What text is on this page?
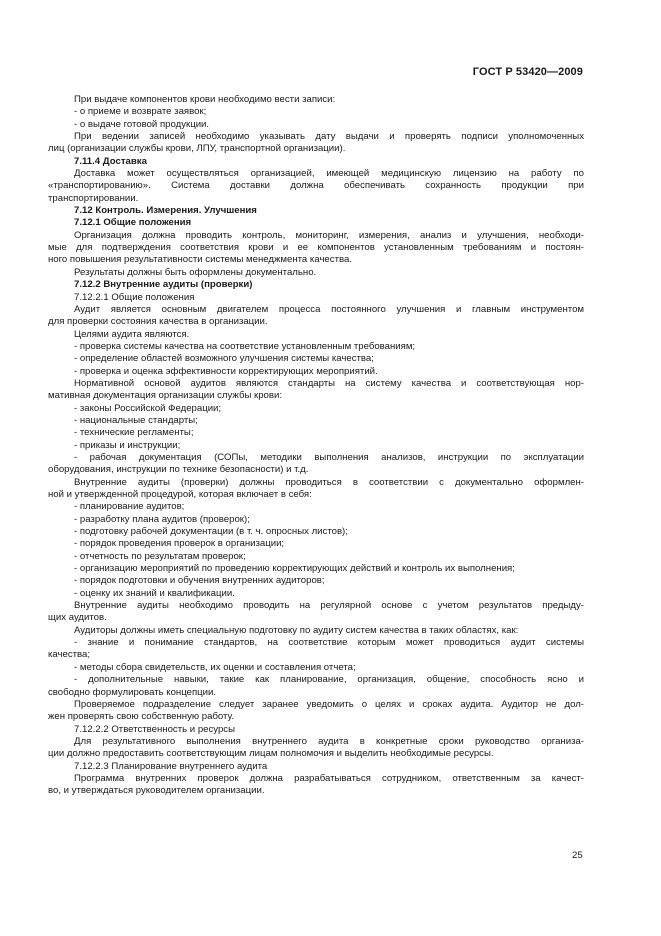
ГОСТ Р 53420—2009
При выдаче компонентов крови необходимо вести записи:
- о приеме и возврате заявок;
- о выдаче готовой продукции.
При ведении записей необходимо указывать дату выдачи и проверять подписи уполномоченных
лиц (организации службы крови, ЛПУ, транспортной организации).
7.11.4 Доставка
Доставка может осуществляться организацией, имеющей медицинскую лицензию на работу по
«транспортированию». Система доставки должна обеспечивать сохранность продукции при
транспортировании.
7.12 Контроль. Измерения. Улучшения
7.12.1 Общие положения
Организация должна проводить контроль, мониторинг, измерения, анализ и улучшения, необходи-
мые для подтверждения соответствия крови и ее компонентов установленным требованиям и постоян-
ного повышения результативности системы менеджмента качества.
Результаты должны быть оформлены документально.
7.12.2 Внутренние аудиты (проверки)
7.12.2.1 Общие положения
Аудит является основным двигателем процесса постоянного улучшения и главным инструментом
для проверки состояния качества в организации.
Целями аудита являются.
- проверка системы качества на соответствие установленным требованиям;
- определение областей возможного улучшения системы качества;
- проверка и оценка эффективности корректирующих мероприятий.
Нормативной основой аудитов являются стандарты на систему качества и соответствующая нор-
мативная документация организации службы крови:
- законы Российской Федерации;
- национальные стандарты;
- технические регламенты;
- приказы и инструкции;
- рабочая документация (СОПы, методики выполнения анализов, инструкции по эксплуатации
оборудования, инструкции по технике безопасности) и т.д.
Внутренние аудиты (проверки) должны проводиться в соответствии с документально оформлен-
ной и утвержденной процедурой, которая включает в себя:
- планирование аудитов;
- разработку плана аудитов (проверок);
- подготовку рабочей документации (в т. ч. опросных листов);
- порядок проведения проверок в организации;
- отчетность по результатам проверок;
- организацию мероприятий по проведению корректирующих действий и контроль их выполнения;
- порядок подготовки и обучения внутренних аудиторов;
- оценку их знаний и квалификации.
Внутренние аудиты необходимо проводить на регулярной основе с учетом результатов предыду-
щих аудитов.
Аудиторы должны иметь специальную подготовку по аудиту систем качества в таких областях, как:
- знание и понимание стандартов, на соответствие которым может проводиться аудит системы
качества;
- методы сбора свидетельств, их оценки и составления отчета;
- дополнительные навыки, такие как планирование, организация, общение, способность ясно и
свободно формулировать концепции.
Проверяемое подразделение следует заранее уведомить о целях и сроках аудита. Аудитор не дол-
жен проверять свою собственную работу.
7.12.2.2 Ответственность и ресурсы
Для результативного выполнения внутреннего аудита в конкретные сроки руководство организа-
ции должно предоставить соответствующим лицам полномочия и выделить необходимые ресурсы.
7.12.2.3 Планирование внутреннего аудита
Программа внутренних проверок должна разрабатываться сотрудником, ответственным за качест-
во, и утверждаться руководителем организации.
25
